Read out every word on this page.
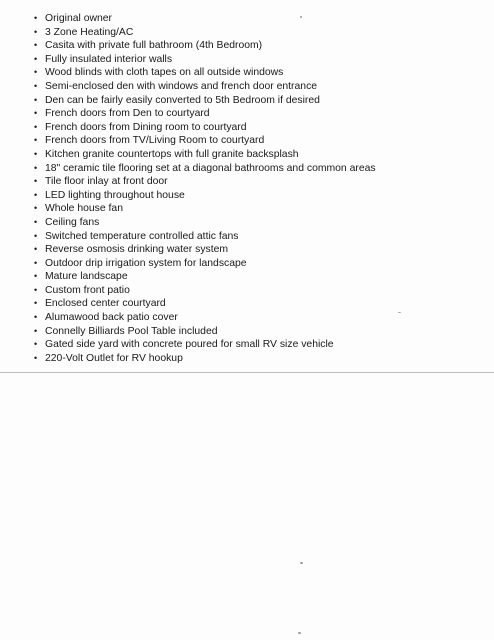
• Original owner
• 3 Zone Heating/AC
• Casita with private full bathroom (4th Bedroom)
• Fully insulated interior walls
• Wood blinds with cloth tapes on all outside windows
• Semi-enclosed den with windows and french door entrance
• Den can be fairly easily converted to 5th Bedroom if desired
• French doors from Den to courtyard
• French doors from Dining room to courtyard
• French doors from TV/Living Room to courtyard
• Kitchen granite countertops with full granite backsplash
• 18" ceramic tile flooring set at a diagonal bathrooms and common areas
• Tile floor inlay at front door
• LED lighting throughout house
• Whole house fan
• Ceiling fans
• Switched temperature controlled attic fans
• Reverse osmosis drinking water system
• Outdoor drip irrigation system for landscape
• Mature landscape
• Custom front patio
• Enclosed center courtyard
• Alumawood back patio cover
• Connelly Billiards Pool Table included
• Gated side yard with concrete poured for small RV size vehicle
• 220-Volt Outlet for RV hookup
